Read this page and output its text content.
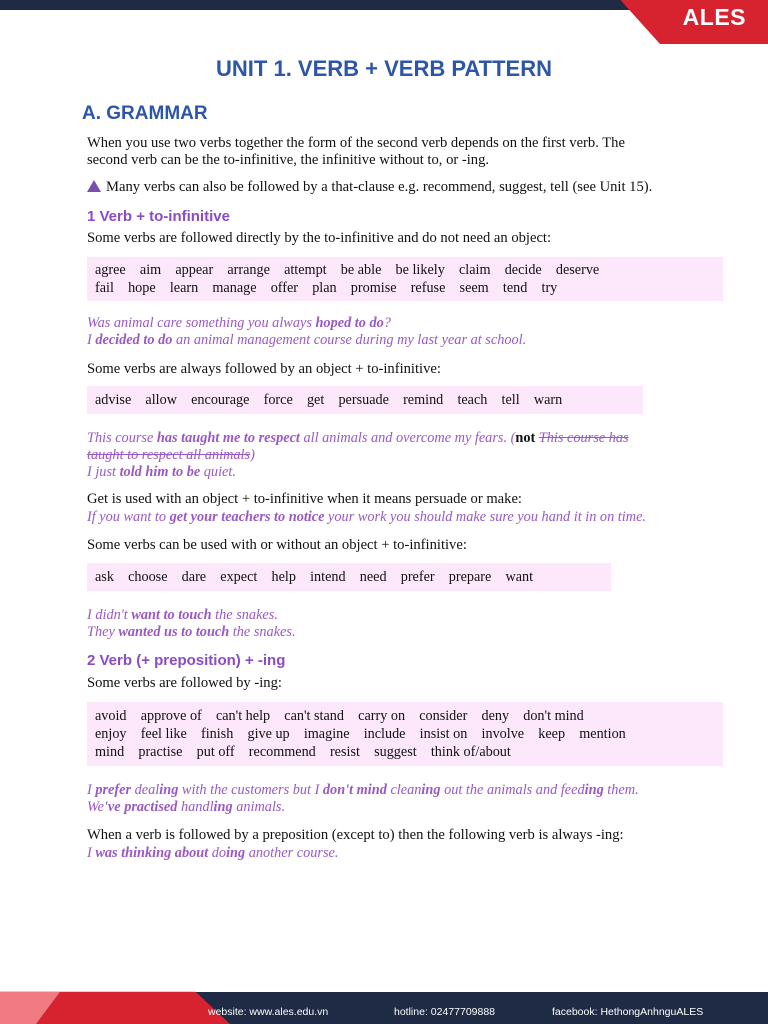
ALES
UNIT 1. VERB + VERB PATTERN
A. GRAMMAR
When you use two verbs together the form of the second verb depends on the first verb. The
second verb can be the to-infinitive, the infinitive without to, or -ing.
Many verbs can also be followed by a that-clause e.g. recommend, suggest, tell (see Unit 15).
1 Verb + to-infinitive
Some verbs are followed directly by the to-infinitive and do not need an object:
agree    aim    appear    arrange    attempt    be able    be likely    claim    decide    deserve
fail    hope    learn    manage    offer    plan    promise    refuse    seem    tend    try
Was animal care something you always hoped to do?
I decided to do an animal management course during my last year at school.
Some verbs are always followed by an object + to-infinitive:
advise    allow    encourage    force    get    persuade    remind    teach    tell    warn
This course has taught me to respect all animals and overcome my fears. (not This course has
taught to respect all animals)
I just told him to be quiet.
Get is used with an object + to-infinitive when it means persuade or make:
If you want to get your teachers to notice your work you should make sure you hand it in on time.
Some verbs can be used with or without an object + to-infinitive:
ask    choose    dare    expect    help    intend    need    prefer    prepare    want
I didn't want to touch the snakes.
They wanted us to touch the snakes.
2 Verb (+ preposition) + -ing
Some verbs are followed by -ing:
avoid    approve of    can't help    can't stand    carry on    consider    deny    don't mind
enjoy    feel like    finish    give up    imagine    include    insist on    involve    keep    mention
mind    practise    put off    recommend    resist    suggest    think of/about
I prefer dealing with the customers but I don't mind cleaning out the animals and feeding them.
We've practised handling animals.
When a verb is followed by a preposition (except to) then the following verb is always -ing:
I was thinking about doing another course.
website: www.ales.edu.vn	hotline: 02477709888	facebook: HethongAnhnguALES
